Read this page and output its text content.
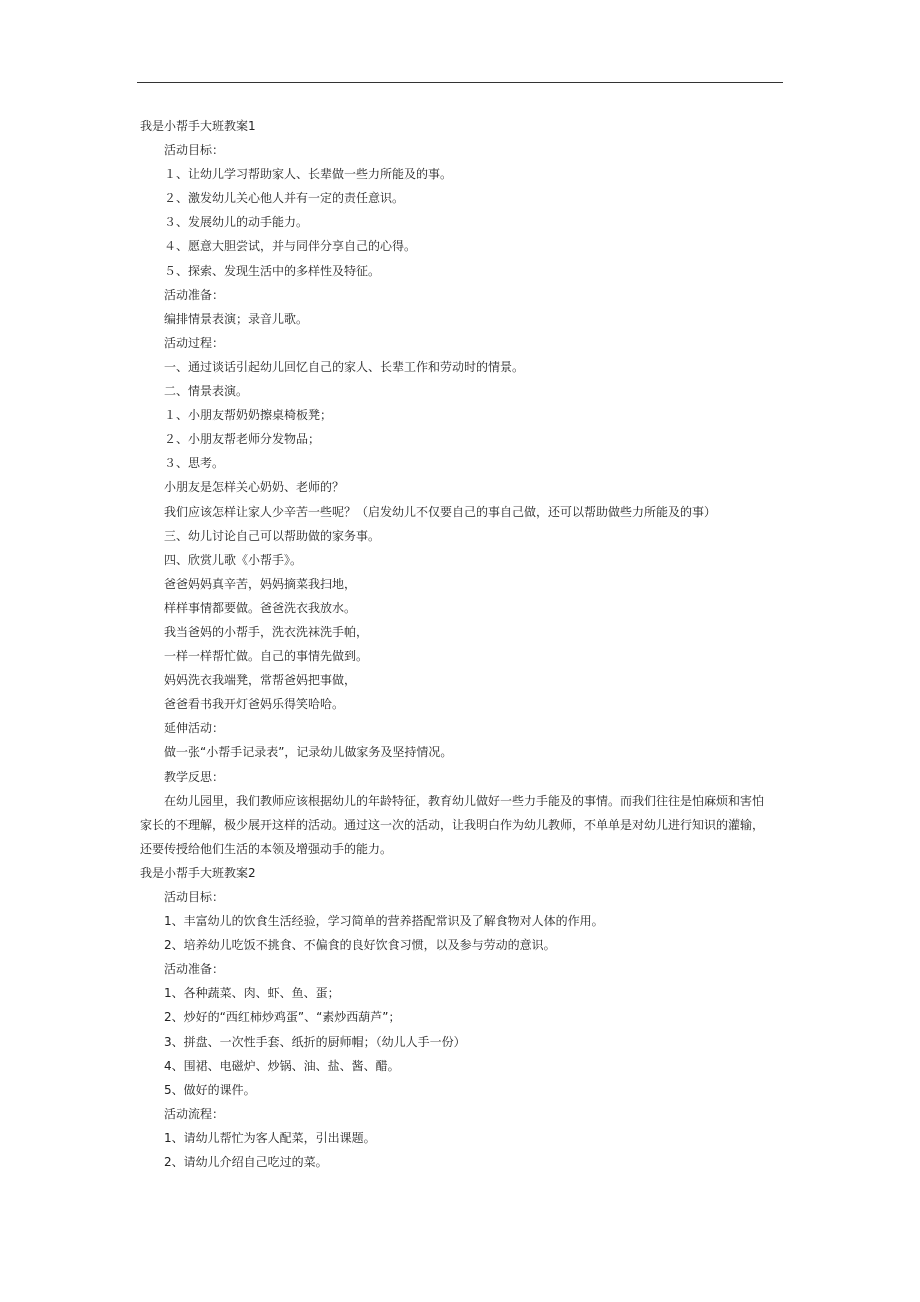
我是小帮手大班教案1
活动目标：
１、让幼儿学习帮助家人、长辈做一些力所能及的事。
２、激发幼儿关心他人并有一定的责任意识。
３、发展幼儿的动手能力。
４、愿意大胆尝试，并与同伴分享自己的心得。
５、探索、发现生活中的多样性及特征。
活动准备：
编排情景表演；录音儿歌。
活动过程：
一、通过谈话引起幼儿回忆自己的家人、长辈工作和劳动时的情景。
二、情景表演。
１、小朋友帮奶奶擦桌椅板凳；
２、小朋友帮老师分发物品；
３、思考。
小朋友是怎样关心奶奶、老师的？
我们应该怎样让家人少辛苦一些呢？（启发幼儿不仅要自己的事自己做，还可以帮助做些力所能及的事）
三、幼儿讨论自己可以帮助做的家务事。
四、欣赏儿歌《小帮手》。
爸爸妈妈真辛苦，妈妈摘菜我扫地，
样样事情都要做。爸爸洗衣我放水。
我当爸妈的小帮手，洗衣洗袜洗手帕，
一样一样帮忙做。自己的事情先做到。
妈妈洗衣我端凳，常帮爸妈把事做，
爸爸看书我开灯爸妈乐得笑哈哈。
延伸活动：
做一张“小帮手记录表”，记录幼儿做家务及坚持情况。
教学反思：
在幼儿园里，我们教师应该根据幼儿的年龄特征，教育幼儿做好一些力手能及的事情。而我们往往是怕麻烦和害怕
家长的不理解，极少展开这样的活动。通过这一次的活动，让我明白作为幼儿教师，不单单是对幼儿进行知识的灌输，
还要传授给他们生活的本领及增强动手的能力。
我是小帮手大班教案2
活动目标：
1、丰富幼儿的饮食生活经验，学习简单的营养搭配常识及了解食物对人体的作用。
2、培养幼儿吃饭不挑食、不偏食的良好饮食习惯，以及参与劳动的意识。
活动准备：
1、各种蔬菜、肉、虾、鱼、蛋；
2、炒好的“西红柿炒鸡蛋”、“素炒西葫芦”；
3、拼盘、一次性手套、纸折的厨师帽；（幼儿人手一份）
4、围裙、电磁炉、炒锅、油、盐、酱、醋。
5、做好的课件。
活动流程：
1、请幼儿帮忙为客人配菜，引出课题。
2、请幼儿介绍自己吃过的菜。
